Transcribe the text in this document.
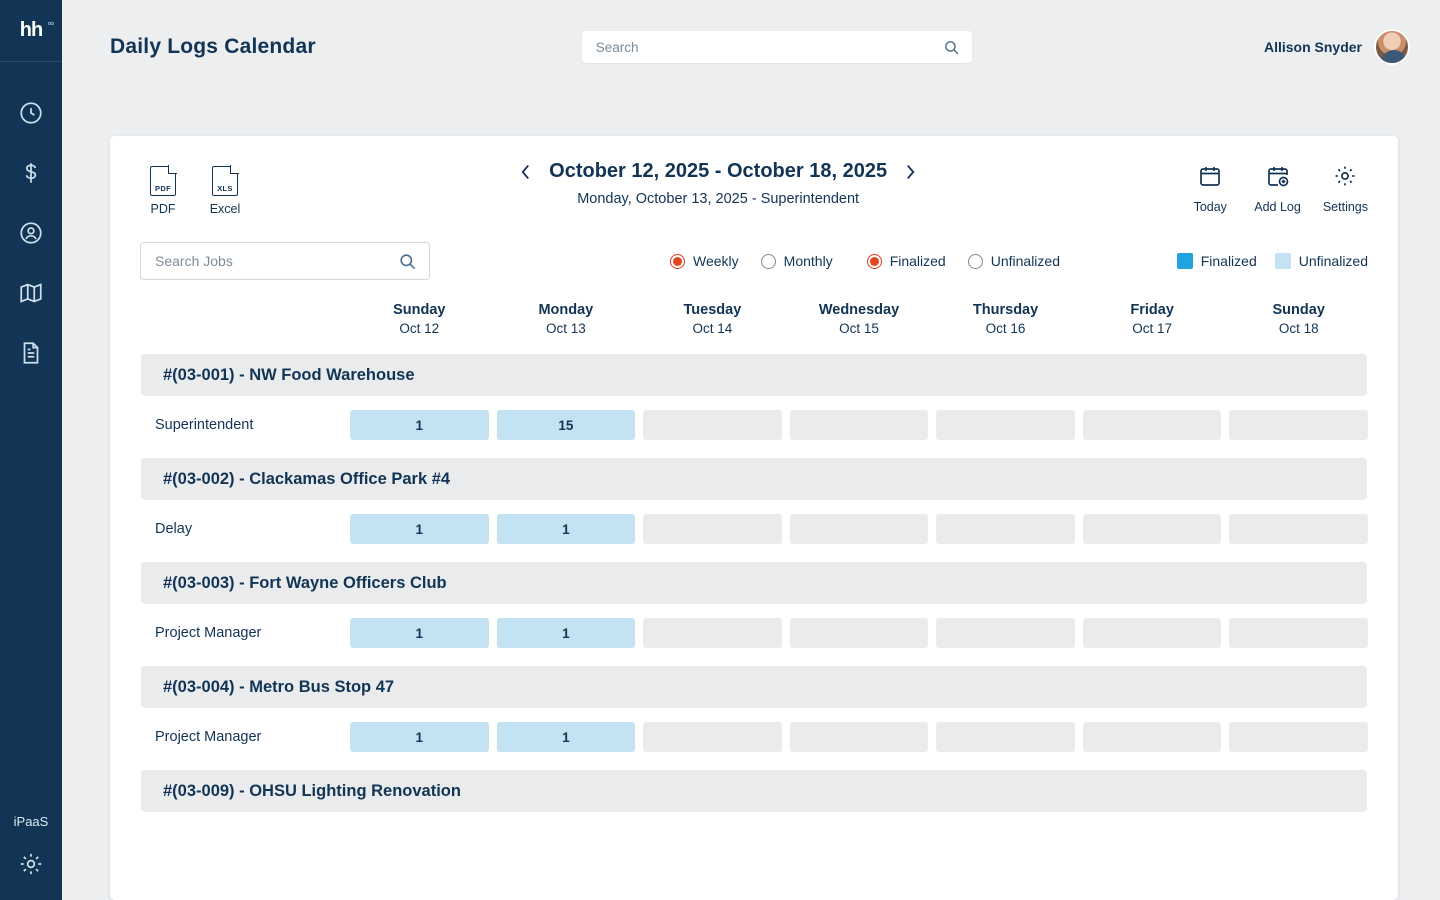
hh ∞
iPaaS
Daily Logs Calendar
Search	Allison Snyder
PDF
PDF
XLS
Excel
October 12, 2025 - October 18, 2025
Monday, October 13, 2025 - Superintendent	Today Add Log Settings
Search Jobs
Weekly	Monthly	Finalized	Unfinalized	Finalized	Unfinalized
Sunday
Oct 12
Monday
Oct 13
Tuesday
Oct 14
Wednesday
Oct 15
Thursday
Oct 16
Friday
Oct 17
Sunday
Oct 18
#(03-001) - NW Food Warehouse
Superintendent	1	15
#(03-002) - Clackamas Office Park #4
Delay	1	1
#(03-003) - Fort Wayne Officers Club
Project Manager	1	1
#(03-004) - Metro Bus Stop 47
Project Manager	1	1
#(03-009) - OHSU Lighting Renovation
